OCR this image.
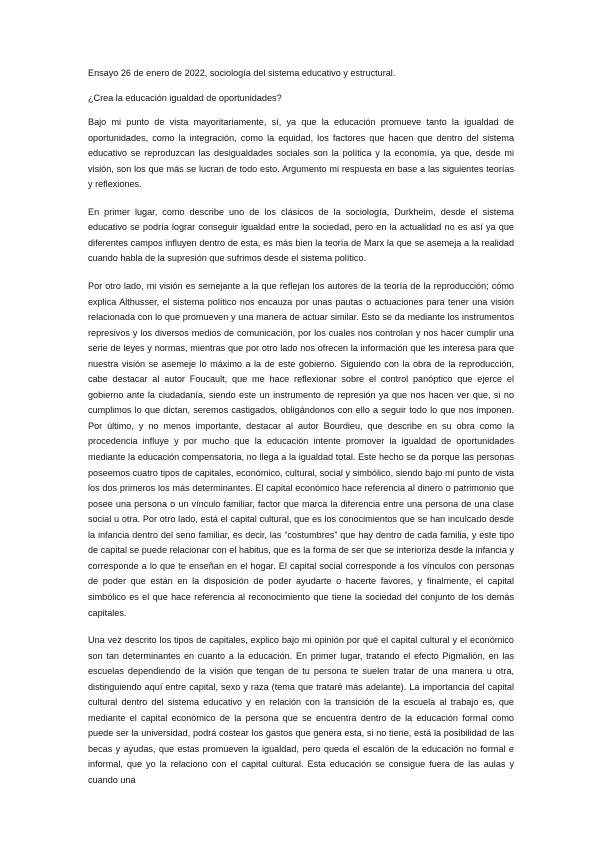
Ensayo 26 de enero de 2022, sociología del sistema educativo y estructural.

¿Crea la educación igualdad de oportunidades?

Bajo mi punto de vista mayoritariamente, sí, ya que la educación promueve tanto la igualdad de oportunidades, como la integración, como la equidad, los factores que hacen que dentro del sistema educativo se reproduzcan las desigualdades sociales son la política y la economía, ya que, desde mi visión, son los que más se lucran de todo esto. Argumento mi respuesta en base a las siguientes teorías y reflexiones.

En primer lugar, como describe uno de los clásicos de la sociología, Durkheim, desde el sistema educativo se podría lograr conseguir igualdad entre la sociedad, pero en la actualidad no es así ya que diferentes campos influyen dentro de esta, es más bien la teoría de Marx la que se asemeja a la realidad cuando habla de la supresión que sufrimos desde el sistema político.

Por otro lado, mi visión es semejante a la que reflejan los autores de la teoría de la reproducción; cómo explica Althusser, el sistema político nos encauza por unas pautas o actuaciones para tener una visión relacionada con lo que promueven y una manera de actuar similar. Esto se da mediante los instrumentos represivos y los diversos medios de comunicación, por los cuales nos controlan y nos hacer cumplir una serie de leyes y normas, mientras que por otro lado nos ofrecen la información que les interesa para que nuestra visión se asemeje lo máximo a la de este gobierno. Siguiendo con la obra de la reproducción, cabe destacar al autor Foucault, que me hace reflexionar sobre el control panóptico que ejerce el gobierno ante la ciudadanía, siendo este un instrumento de represión ya que nos hacen ver que, si no cumplimos lo que dictan, seremos castigados, obligándonos con ello a seguir todo lo que nos imponen. Por último, y no menos importante, destacar al autor Bourdieu, que describe en su obra como la procedencia influye y por mucho que la educación intente promover la igualdad de oportunidades mediante la educación compensatoria, no llega a la igualdad total. Este hecho se da porque las personas poseemos cuatro tipos de capitales, económico, cultural, social y simbólico, siendo bajo mi punto de vista los dos primeros los más determinantes. El capital económico hace referencia al dinero o patrimonio que posee una persona o un vínculo familiar, factor que marca la diferencia entre una persona de una clase social u otra. Por otro lado, está el capital cultural, que es los conocimientos que se han inculcado desde la infancia dentro del seno familiar, es decir, las “costumbres” que hay dentro de cada familia, y este tipo de capital se puede relacionar con el habitus, que es la forma de ser que se interioriza desde la infancia y corresponde a lo que te enseñan en el hogar. El capital social corresponde a los vínculos con personas de poder que están en la disposición de poder ayudarte o hacerte favores, y finalmente, el capital simbólico es el que hace referencia al reconocimiento que tiene la sociedad del conjunto de los demás capitales.

Una vez descrito los tipos de capitales, explico bajo mi opinión por qué el capital cultural y el económico son tan determinantes en cuanto a la educación. En primer lugar, tratando el efecto Pigmalión, en las escuelas dependiendo de la visión que tengan de tu persona te suelen tratar de una manera u otra, distinguiendo aquí entre capital, sexo y raza (tema que trataré más adelante). La importancia del capital cultural dentro del sistema educativo y en relación con la transición de la escuela al trabajo es, que mediante el capital económico de la persona que se encuentra dentro de la educación formal como puede ser la universidad, podrá costear los gastos que genera esta, si no tiene, está la posibilidad de las becas y ayudas, que estas promueven la igualdad, pero queda el escalón de la educación no formal e informal, que yo la relaciono con el capital cultural. Esta educación se consigue fuera de las aulas y cuando una
